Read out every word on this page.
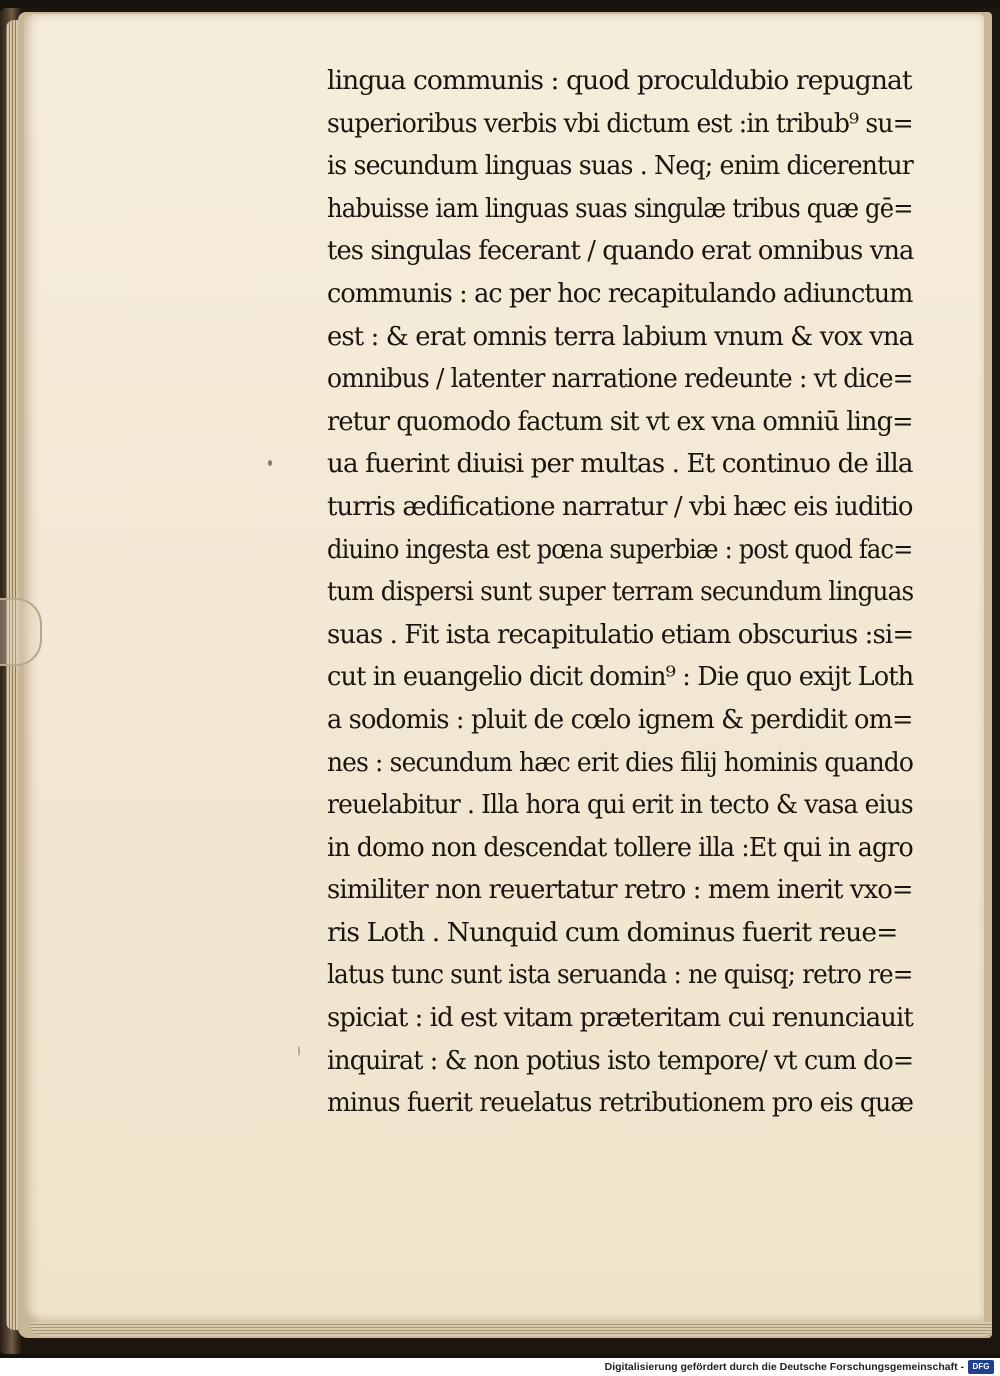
lingua communis : quod proculdubio repugnat
superioribus verbis vbi dictum est :in tribub⁹ su=
is secundum linguas suas . Neq; enim dicerentur
habuisse iam linguas suas singulæ tribus quæ gē=
tes singulas fecerant / quando erat omnibus vna
communis : ac per hoc recapitulando adiunctum
est : & erat omnis terra labium vnum & vox vna
omnibus / latenter narratione redeunte : vt dice=
retur quomodo factum sit vt ex vna omniū ling=
ua fuerint diuisi per multas . Et continuo de illa
turris ædificatione narratur / vbi hæc eis iuditio
diuino ingesta est pœna superbiæ : post quod fac=
tum dispersi sunt super terram secundum linguas
suas . Fit ista recapitulatio etiam obscurius :si=
cut in euangelio dicit domin⁹ : Die quo exijt Loth
a sodomis : pluit de cœlo ignem & perdidit om=
nes : secundum hæc erit dies filij hominis quando
reuelabitur . Illa hora qui erit in tecto & vasa eius
in domo non descendat tollere illa :Et qui in agro
similiter non reuertatur retro : mem inerit vxo=
ris Loth . Nunquid cum dominus fuerit reue=
latus tunc sunt ista seruanda : ne quisq; retro re=
spiciat : id est vitam præteritam cui renunciauit
inquirat : & non potius isto tempore/ vt cum do=
minus fuerit reuelatus retributionem pro eis quæ
Digitalisierung gefördert durch die Deutsche Forschungsgemeinschaft -	DFG
